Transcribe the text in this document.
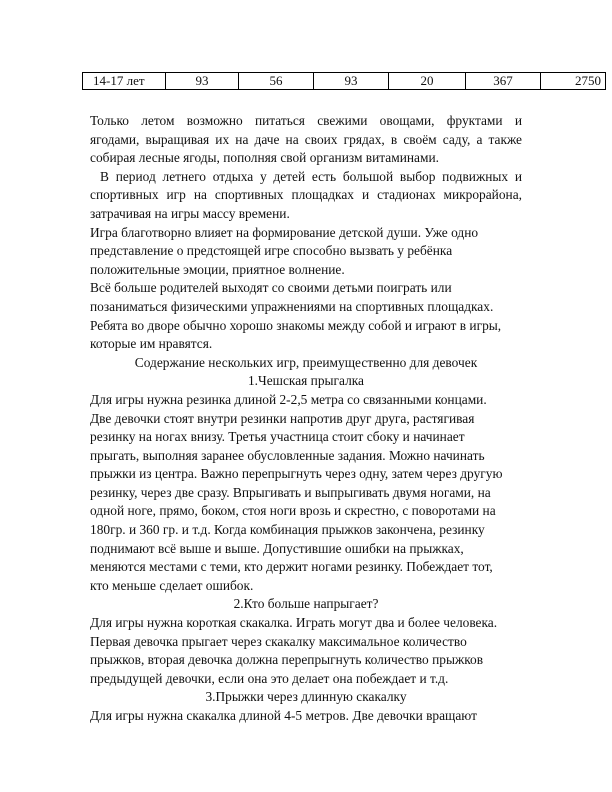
14-17 лет	93	56	93	20	367	2750

Только летом возможно питаться свежими овощами, фруктами и

ягодами, выращивая их на даче на своих грядах, в своём саду, а также

собирая лесные ягоды, пополняя свой организм витаминами.

В период летнего отдыха у детей есть большой выбор подвижных и

спортивных игр на спортивных площадках и стадионах микрорайона,

затрачивая на игры массу времени.

Игра благотворно влияет на формирование детской души. Уже одно

представление о предстоящей игре способно вызвать у ребёнка

положительные эмоции, приятное волнение.

Всё больше родителей выходят со своими детьми поиграть или

позаниматься физическими упражнениями на спортивных площадках.

Ребята во дворе обычно хорошо знакомы между собой и играют в игры,

которые им нравятся.

Содержание нескольких игр, преимущественно для девочек

1.Чешская прыгалка

Для игры нужна резинка длиной 2-2,5 метра со связанными концами.

Две девочки стоят внутри резинки напротив друг друга, растягивая

резинку на ногах внизу. Третья участница стоит сбоку и начинает

прыгать, выполняя заранее обусловленные задания. Можно начинать

прыжки из центра. Важно перепрыгнуть через одну, затем через другую

резинку, через две сразу. Впрыгивать и выпрыгивать двумя ногами, на

одной ноге, прямо, боком, стоя ноги врозь и скрестно, с поворотами на

180гр. и 360 гр. и т.д. Когда комбинация прыжков закончена, резинку

поднимают всё выше и выше. Допустившие ошибки на прыжках,

меняются местами с теми, кто держит ногами резинку. Побеждает тот,

кто меньше сделает ошибок.

2.Кто больше напрыгает?

Для игры нужна короткая скакалка. Играть могут два и более человека.

Первая девочка прыгает через скакалку максимальное количество

прыжков, вторая девочка должна перепрыгнуть количество прыжков

предыдущей девочки, если она это делает она побеждает и т.д.

3.Прыжки через длинную скакалку

Для игры нужна скакалка длиной 4-5 метров. Две девочки вращают
